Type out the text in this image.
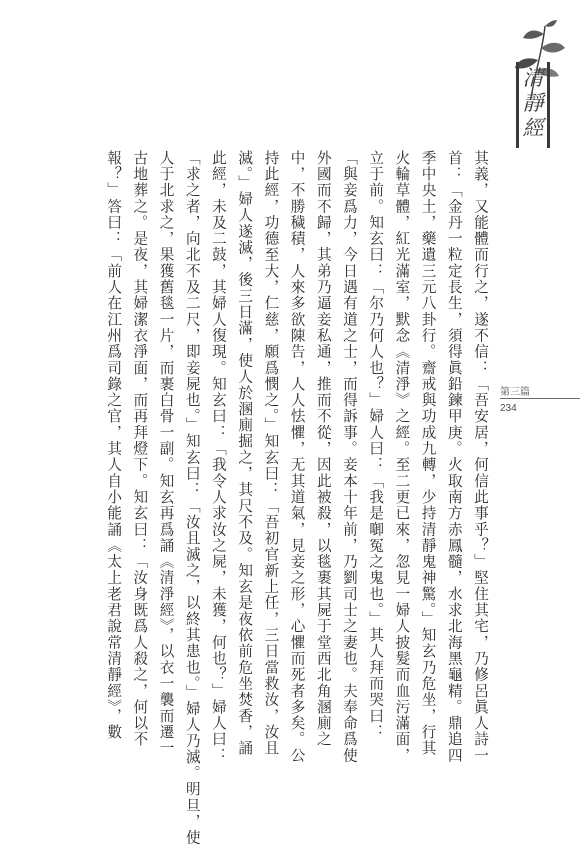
清
靜
經
第三篇
234
其義，又能體而行之，遂不信：「吾安居，何信此事乎？」堅住其宅，乃修呂眞人詩一
首：「金丹一粒定長生，須得眞鉛鍊甲庚。火取南方赤鳳髓，水求北海黑龜精。鼎追四
季中央土，藥遺三元八卦行。齋戒與功成九轉，少持清靜鬼神驚。」知玄乃危坐，行其
火輪草體，紅光滿室，默念《清淨》之經。至二更已來，忽見一婦人披髮而血污滿面，
立于前。知玄曰：「尔乃何人也？」婦人曰：「我是啣冤之鬼也。」其人拜而哭曰：
「與妾爲力，今日遇有道之士，而得訴事。妾本十年前，乃劉司士之妻也。夫奉命爲使
外國而不歸，其弟乃逼妾私通，推而不從，因此被殺，以毯裹其屍于堂西北角溷廁之
中，不勝穢積，人來多欲陳告，人人怯懼，无其道氣，見妾之形，心懼而死者多矣。公
持此經，功德至大，仁慈，願爲憫之。」知玄曰：「吾初官新上任，三日當救汝，汝且
滅。」婦人遂滅，後三日滿，使人於溷廁掘之，其尺不及。知玄是夜依前危坐焚香，誦
此經，未及二鼓，其婦人復現。知玄曰：「我令人求汝之屍，未獲，何也？」婦人曰：
「求之者，向北不及二尺，即妾屍也。」知玄曰：「汝且滅之，以終其患也。」婦人乃滅。明旦，使
人于北求之，果獲舊毯一片，而裹白骨一副。知玄再爲誦《清淨經》，以衣一襲而遷一
古地葬之。是夜，其婦潔衣淨面，而再拜燈下。知玄曰：「汝身既爲人殺之，何以不
報？」答曰：「前人在江州爲司錄之官，其人自小能誦《太上老君說常清靜經》，數
